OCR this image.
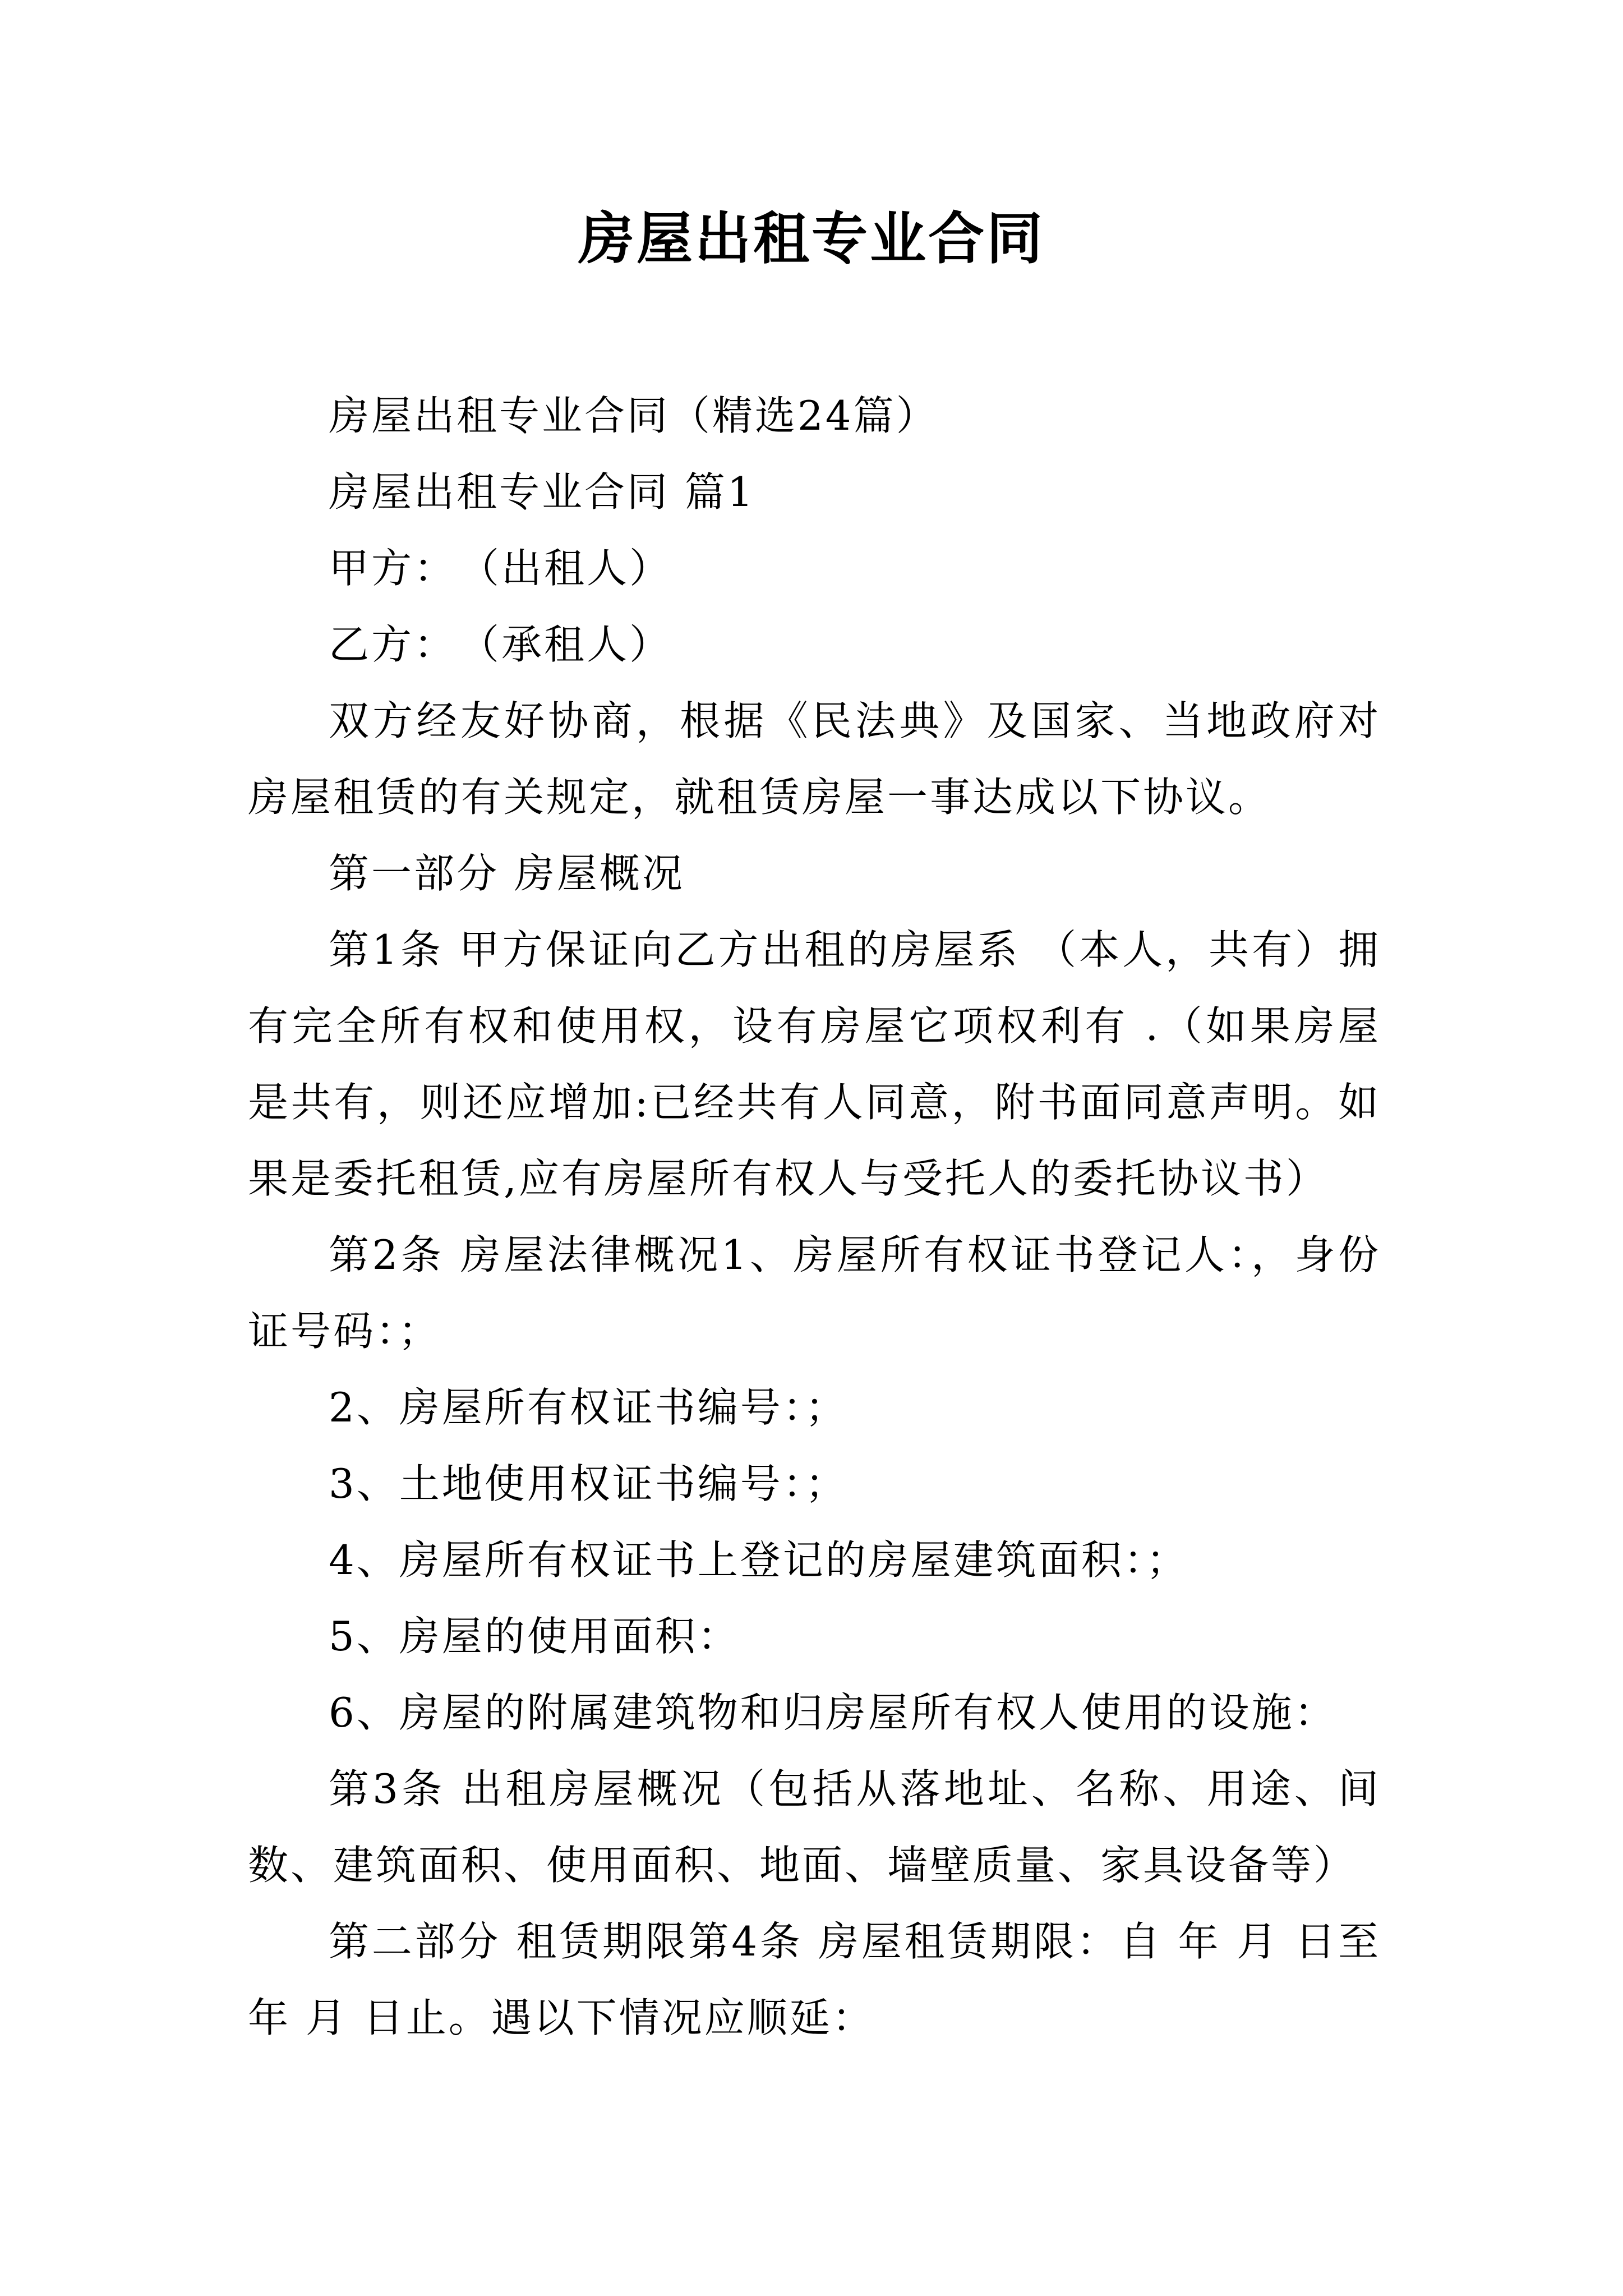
房屋出租专业合同

房屋出租专业合同（精选24篇）

房屋出租专业合同 篇1

甲方：　（出租人）

乙方：　（承租人）

双方经友好协商，根据《民法典》及国家、当地政府对房屋租赁的有关规定，就租赁房屋一事达成以下协议。

第一部分 房屋概况

第1条 甲方保证向乙方出租的房屋系 （本人，共有）拥有完全所有权和使用权，设有房屋它项权利有 .（如果房屋是共有，则还应增加:已经共有人同意，附书面同意声明。如果是委托租赁,应有房屋所有权人与受托人的委托协议书）

第2条 房屋法律概况1、房屋所有权证书登记人：，身份证号码：；

2、房屋所有权证书编号：；

3、土地使用权证书编号：；

4、房屋所有权证书上登记的房屋建筑面积：；

5、房屋的使用面积：

6、房屋的附属建筑物和归房屋所有权人使用的设施：

第3条 出租房屋概况（包括从落地址、名称、用途、间数、建筑面积、使用面积、地面、墙壁质量、家具设备等）

第二部分 租赁期限第4条 房屋租赁期限：自 年 月 日至 年 月 日止。遇以下情况应顺延：
